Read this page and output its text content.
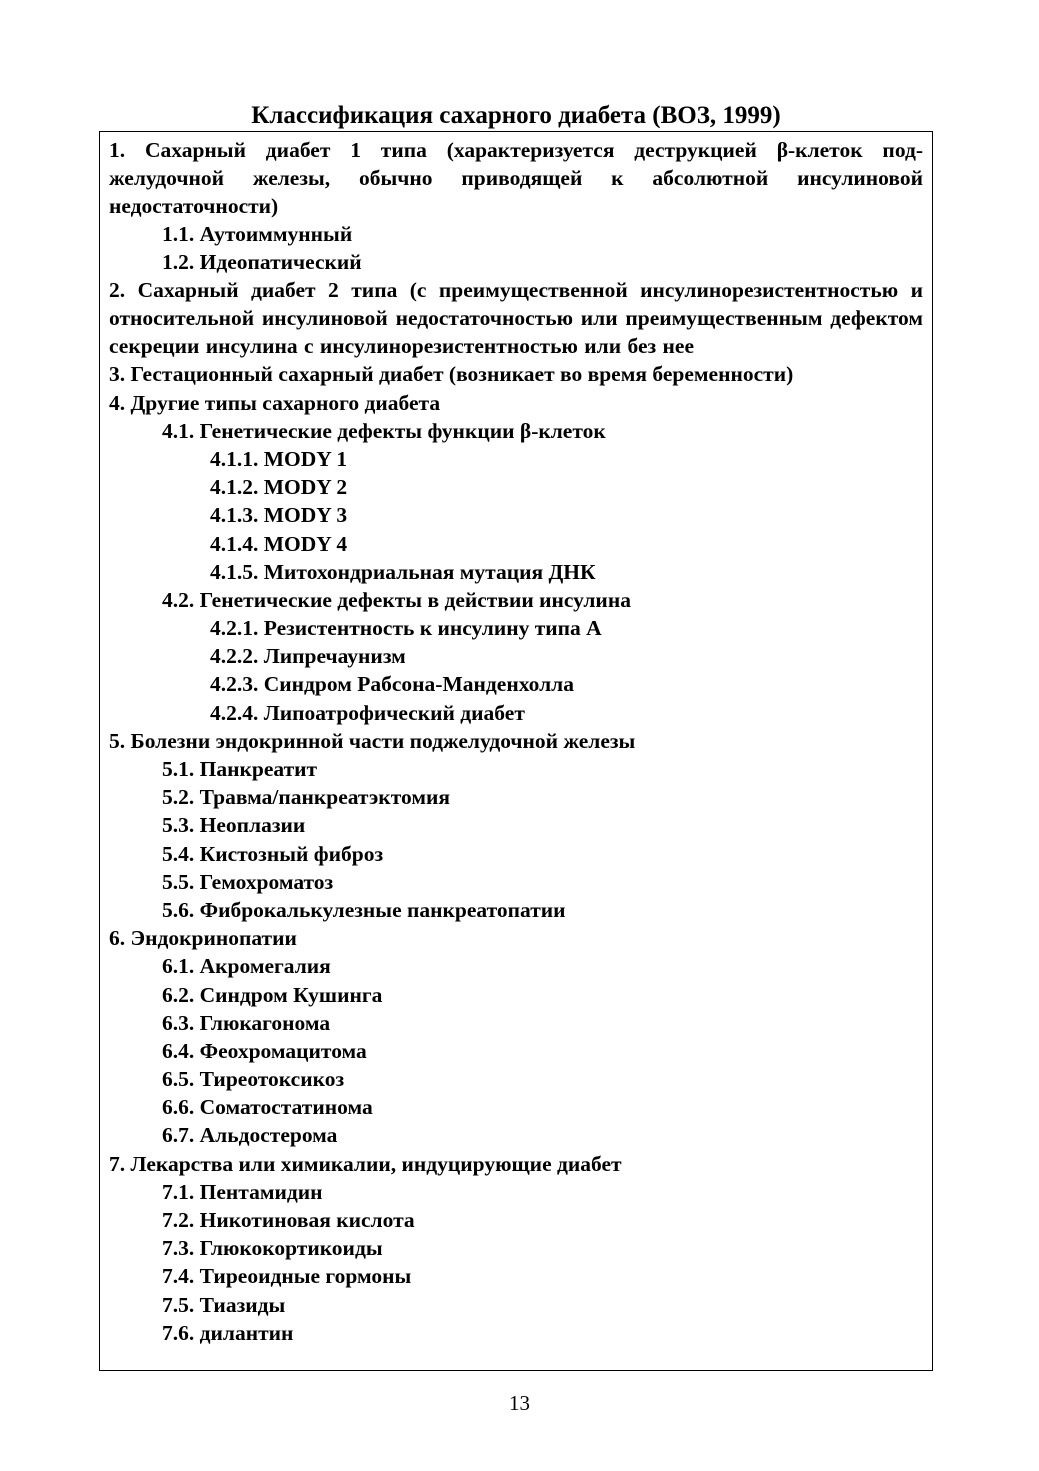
Классификация сахарного диабета (ВОЗ, 1999)

1. Сахарный диабет 1 типа (характеризуется деструкцией β-клеток поджелудочной железы, обычно приводящей к абсолютной инсулиновой недостаточности)

1.1. Аутоиммунный
1.2. Идеопатический

2. Сахарный диабет 2 типа (с преимущественной инсулинорезистентностью и относительной инсулиновой недостаточностью или преимущественным дефектом секреции инсулина с инсулинорезистентностью или без нее

3. Гестационный сахарный диабет (возникает во время беременности)
4. Другие типы сахарного диабета
4.1. Генетические дефекты функции β-клеток
4.1.1. MODY 1
4.1.2. MODY 2
4.1.3. MODY 3
4.1.4. MODY 4
4.1.5. Митохондриальная мутация ДНК
4.2. Генетические дефекты в действии инсулина
4.2.1. Резистентность к инсулину типа А
4.2.2. Липречаунизм
4.2.3. Синдром Рабсона-Манденхолла
4.2.4. Липоатрофический диабет
5. Болезни эндокринной части поджелудочной железы
5.1. Панкреатит
5.2. Травма/панкреатэктомия
5.3. Неоплазии
5.4. Кистозный фиброз
5.5. Гемохроматоз
5.6. Фиброкалькулезные панкреатопатии
6. Эндокринопатии
6.1. Акромегалия
6.2. Синдром Кушинга
6.3. Глюкагонома
6.4. Феохромацитома
6.5. Тиреотоксикоз
6.6. Соматостатинома
6.7. Альдостерома
7. Лекарства или химикалии, индуцирующие диабет
7.1. Пентамидин
7.2. Никотиновая кислота
7.3. Глюкокортикоиды
7.4. Тиреоидные гормоны
7.5. Тиазиды
7.6. дилантин
13
